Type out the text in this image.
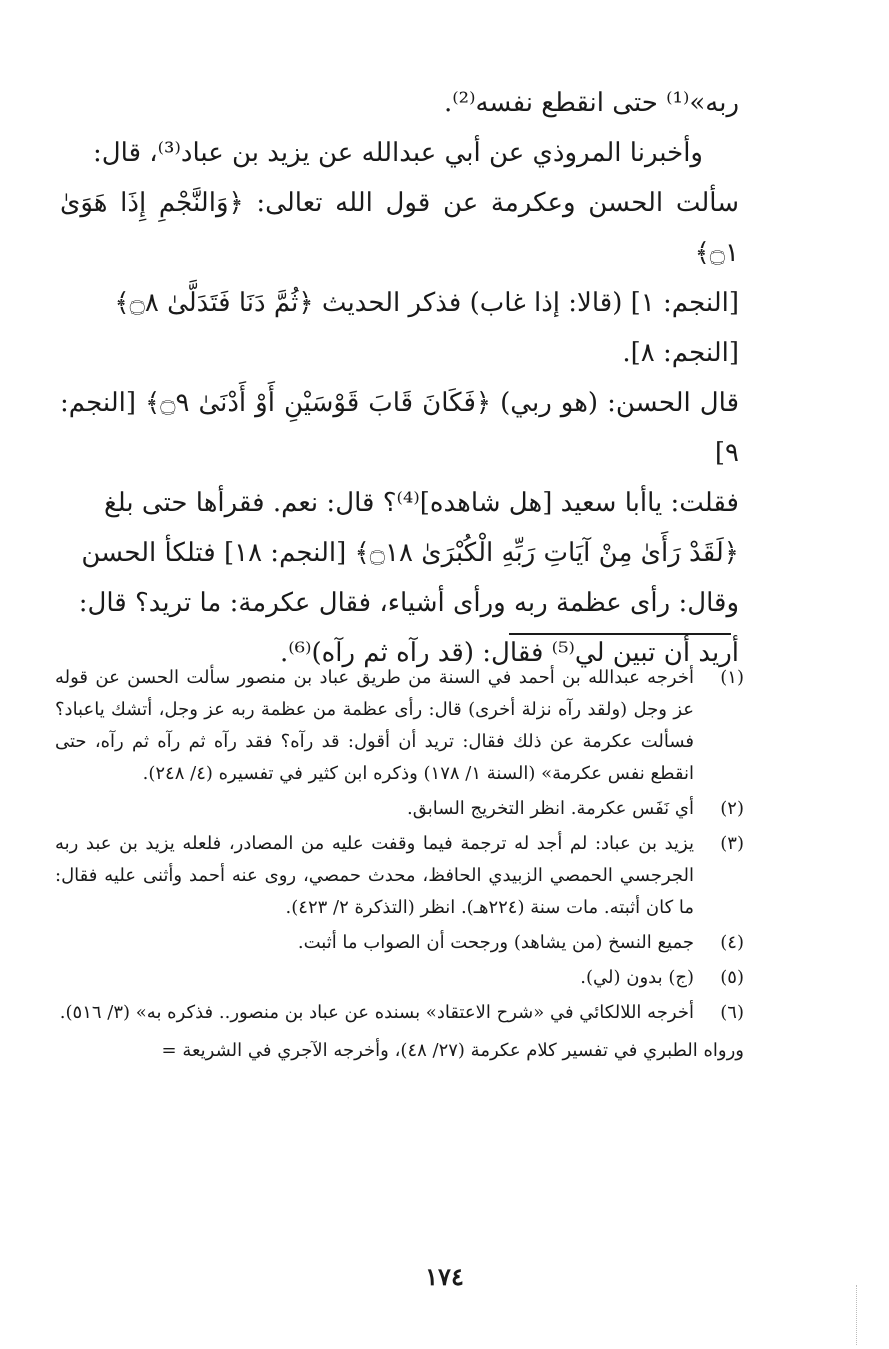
ربه»⁽¹⁾ حتى انقطع نفسه⁽²⁾.

وأخبرنا المروذي عن أبي عبدالله عن يزيد بن عباد⁽³⁾، قال:

سألت الحسن وعكرمة عن قول الله تعالى: ﴿وَالنَّجْمِ إِذَا هَوَىٰ ۝١﴾

[النجم: ١] (قالا: إذا غاب) فذكر الحديث ﴿ثُمَّ دَنَا فَتَدَلَّىٰ ۝٨﴾

[النجم: ٨].

قال الحسن: (هو ربي) ﴿فَكَانَ قَابَ قَوْسَيْنِ أَوْ أَدْنَىٰ ۝٩﴾ [النجم: ٩]

فقلت: ياأبا سعيد [هل شاهده]⁽⁴⁾؟ قال: نعم. فقرأها حتى بلغ

﴿لَقَدْ رَأَىٰ مِنْ آيَاتِ رَبِّهِ الْكُبْرَىٰ ۝١٨﴾ [النجم: ١٨] فتلكأ الحسن

وقال: رأى عظمة ربه ورأى أشياء، فقال عكرمة: ما تريد؟ قال:

أريد أن تبين لي⁽⁵⁾ فقال: (قد رآه ثم رآه)⁽⁶⁾.

(١)
أخرجه عبدالله بن أحمد في السنة من طريق عباد بن منصور سألت الحسن عن قوله عز وجل (ولقد رآه نزلة أخرى) قال: رأى عظمة من عظمة ربه عز وجل، أتشك ياعباد؟ فسألت عكرمة عن ذلك فقال: تريد أن أقول: قد رآه؟ فقد رآه ثم رآه ثم رآه، حتى انقطع نفس عكرمة» (السنة ١/ ١٧٨) وذكره ابن كثير في تفسيره (٤/ ٢٤٨).
(٢)
أي نَفَس عكرمة. انظر التخريج السابق.
(٣)
يزيد بن عباد: لم أجد له ترجمة فيما وقفت عليه من المصادر، فلعله يزيد بن عبد ربه الجرجسي الحمصي الزبيدي الحافظ، محدث حمصي، روى عنه أحمد وأثنى عليه فقال: ما كان أثبته. مات سنة (٢٢٤هـ). انظر (التذكرة ٢/ ٤٢٣).
(٤)
جميع النسخ (من يشاهد) ورجحت أن الصواب ما أثبت.
(٥)
(ج) بدون (لي).
(٦)
أخرجه اللالكائي في «شرح الاعتقاد» بسنده عن عباد بن منصور.. فذكره به» (٣/ ٥١٦).
ورواه الطبري في تفسير كلام عكرمة (٢٧/ ٤٨)، وأخرجه الآجري في الشريعة =
١٧٤
